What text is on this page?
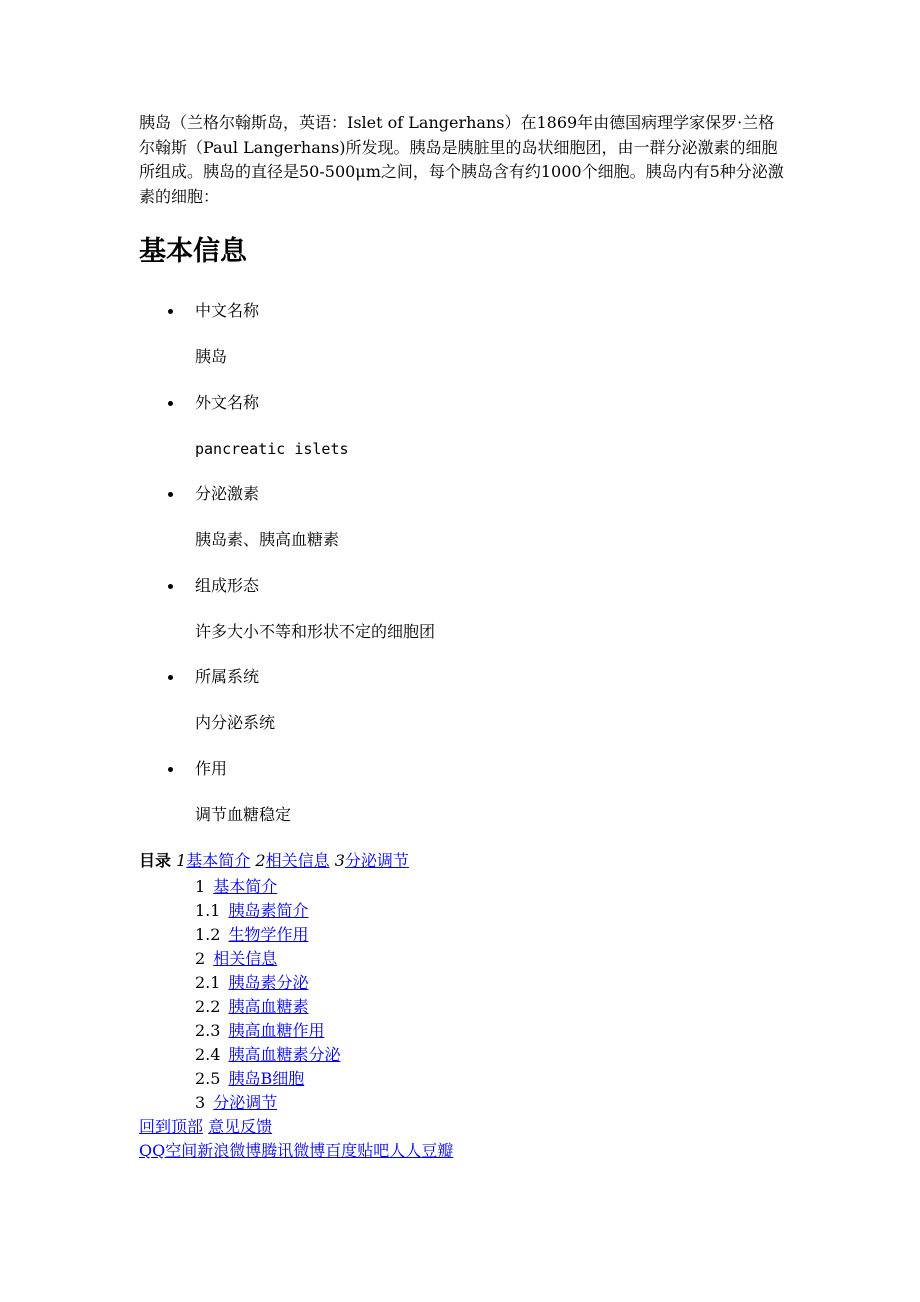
胰岛（兰格尔翰斯岛，英语：Islet of Langerhans）在1869年由德国病理学家保罗·兰格尔翰斯（Paul Langerhans)所发现。胰岛是胰脏里的岛状细胞团，由一群分泌激素的细胞所组成。胰岛的直径是50-500μm之间，每个胰岛含有约1000个细胞。胰岛内有5种分泌激素的细胞：

基本信息
中文名称
胰岛
外文名称
pancreatic islets
分泌激素
胰岛素、胰高血糖素
组成形态
许多大小不等和形状不定的细胞团
所属系统
内分泌系统
作用
调节血糖稳定
目录 1基本简介 2相关信息 3分泌调节
1 基本简介
1.1 胰岛素简介
1.2 生物学作用
2 相关信息
2.1 胰岛素分泌
2.2 胰高血糖素
2.3 胰高血糖作用
2.4 胰高血糖素分泌
2.5 胰岛B细胞
3 分泌调节
回到顶部 意见反馈
QQ空间新浪微博腾讯微博百度贴吧人人豆瓣
